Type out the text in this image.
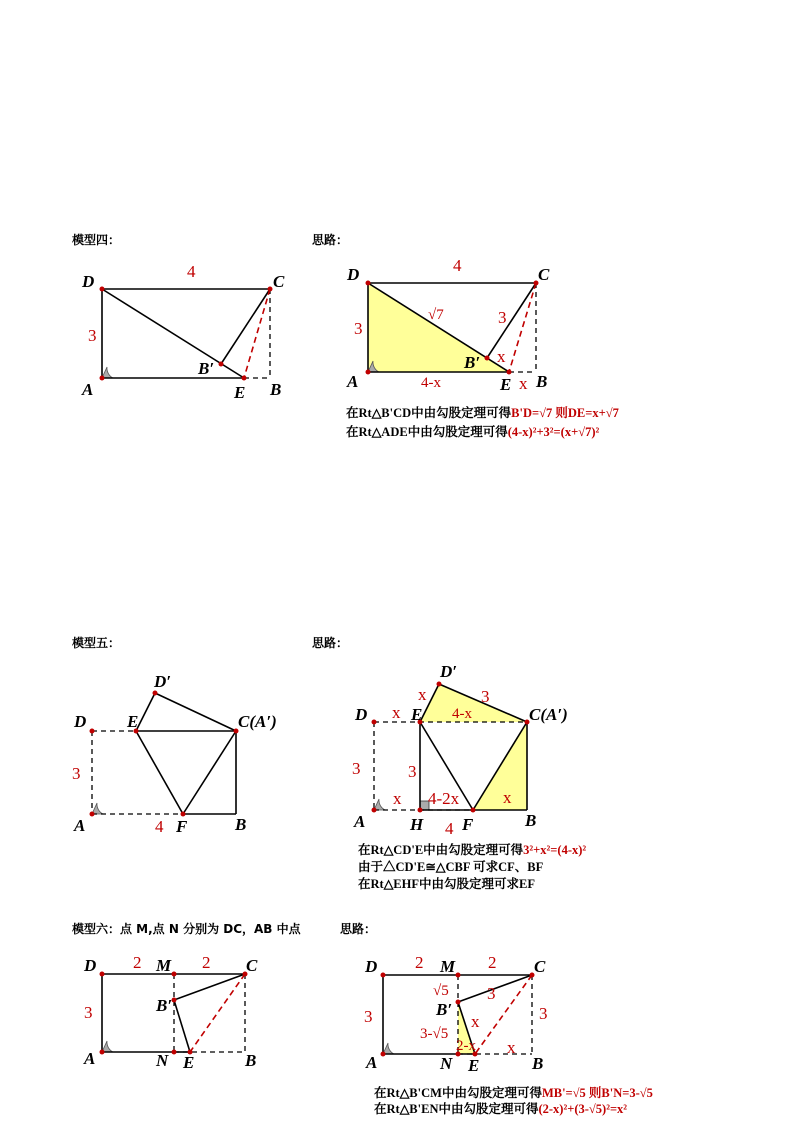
模型四：	思路：
D	C
A	B
E
B′
4
3
D	C
A	B
E
B′
4
3
3
4-x
√7
x
x
在Rt△B'CD中由勾股定理可得B'D=√7 则DE=x+√7
在Rt△ADE中由勾股定理可得(4-x)²+3²=(x+√7)²
模型五：	思路：
D E
D′
C(A′)
A	F	B
3
4
D	E
D′
C(A′)
A	H F	B
3
x
x	3
4-x
3
x 4-2x	x
4
在Rt△CD'E中由勾股定理可得3²+x²=(4-x)²
由于△CD'E≅△CBF 可求CF、BF
在Rt△EHF中由勾股定理可求EF
模型六：点 M,点 N 分别为 DC，AB 中点	思路：
D	M	C
B′
A	N E	B
2	2
3
D	M	C
B′
A	N E	B
2	2
3	3
√5 3
x
3-√5
2-x x
在Rt△B'CM中由勾股定理可得MB'=√5 则B'N=3-√5
在Rt△B'EN中由勾股定理可得(2-x)²+(3-√5)²=x²
